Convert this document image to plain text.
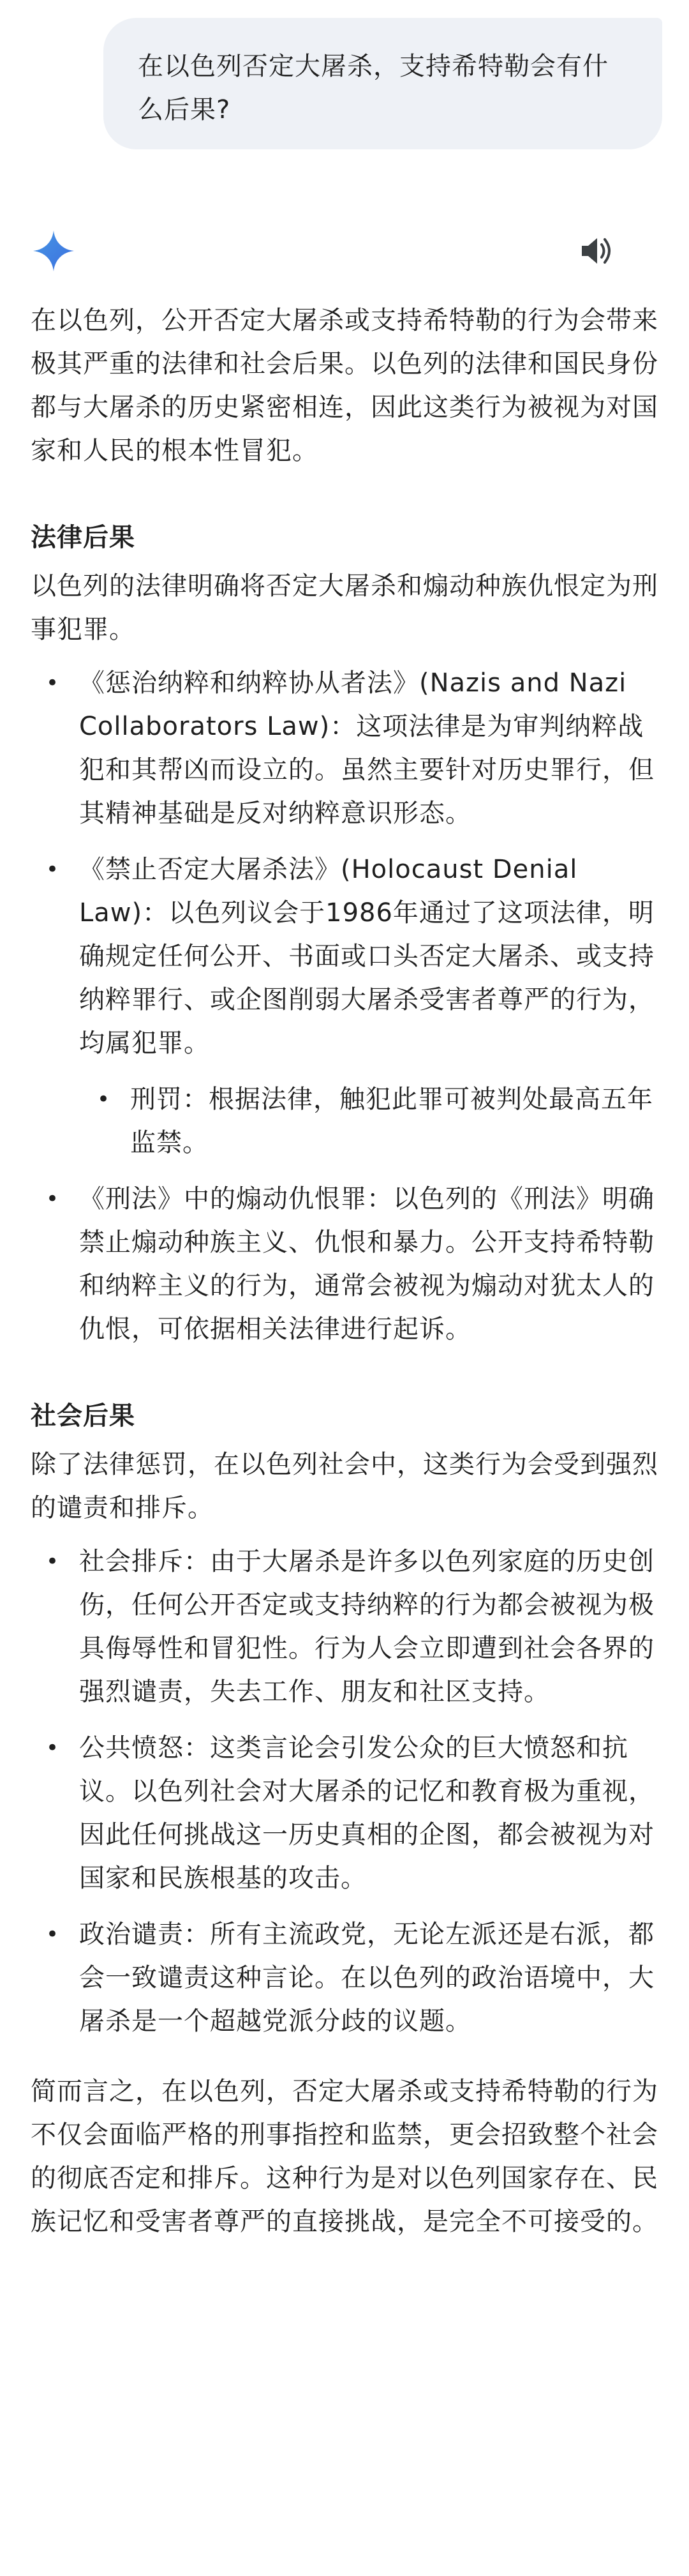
在以色列否定大屠杀，支持希特勒会有什么后果?

在以色列，公开否定大屠杀或支持希特勒的行为会带来极其严重的法律和社会后果。以色列的法律和国民身份都与大屠杀的历史紧密相连，因此这类行为被视为对国家和人民的根本性冒犯。

法律后果

以色列的法律明确将否定大屠杀和煽动种族仇恨定为刑事犯罪。

• 《惩治纳粹和纳粹协从者法》(Nazis and Nazi Collaborators Law)：这项法律是为审判纳粹战犯和其帮凶而设立的。虽然主要针对历史罪行，但其精神基础是反对纳粹意识形态。
• 《禁止否定大屠杀法》(Holocaust Denial Law)：以色列议会于1986年通过了这项法律，明确规定任何公开、书面或口头否定大屠杀、或支持纳粹罪行、或企图削弱大屠杀受害者尊严的行为，均属犯罪。
• 刑罚：根据法律，触犯此罪可被判处最高五年监禁。
• 《刑法》中的煽动仇恨罪：以色列的《刑法》明确禁止煽动种族主义、仇恨和暴力。公开支持希特勒和纳粹主义的行为，通常会被视为煽动对犹太人的仇恨，可依据相关法律进行起诉。

社会后果

除了法律惩罚，在以色列社会中，这类行为会受到强烈的谴责和排斥。

• 社会排斥：由于大屠杀是许多以色列家庭的历史创伤，任何公开否定或支持纳粹的行为都会被视为极具侮辱性和冒犯性。行为人会立即遭到社会各界的强烈谴责，失去工作、朋友和社区支持。
• 公共愤怒：这类言论会引发公众的巨大愤怒和抗议。以色列社会对大屠杀的记忆和教育极为重视，因此任何挑战这一历史真相的企图，都会被视为对国家和民族根基的攻击。
• 政治谴责：所有主流政党，无论左派还是右派，都会一致谴责这种言论。在以色列的政治语境中，大屠杀是一个超越党派分歧的议题。

简而言之，在以色列，否定大屠杀或支持希特勒的行为不仅会面临严格的刑事指控和监禁，更会招致整个社会的彻底否定和排斥。这种行为是对以色列国家存在、民族记忆和受害者尊严的直接挑战，是完全不可接受的。
